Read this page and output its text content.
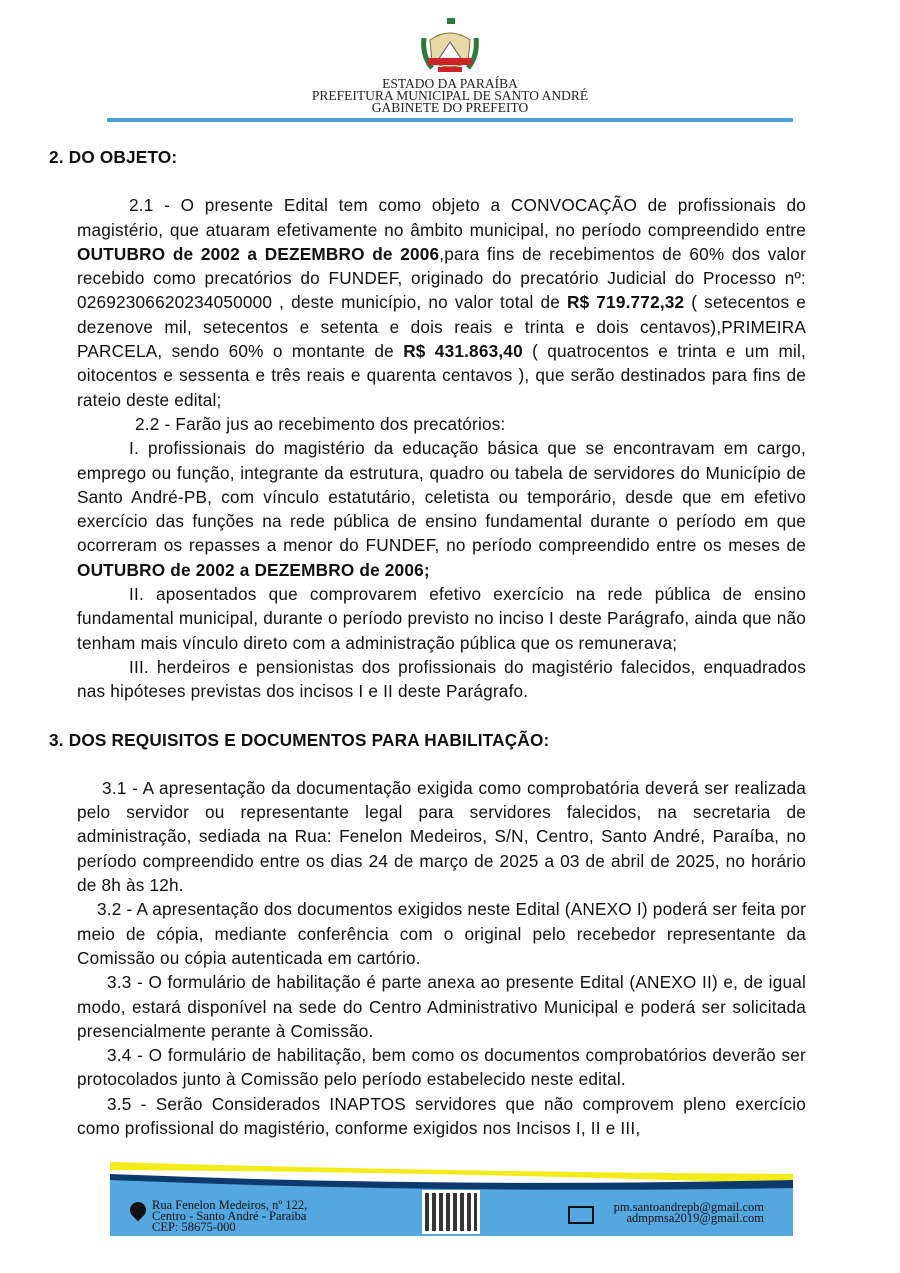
ESTADO DA PARAÍBA
PREFEITURA MUNICIPAL DE SANTO ANDRÉ
GABINETE DO PREFEITO
2. DO OBJETO:

2.1 - O presente Edital tem como objeto a CONVOCAÇÃO de profissionais do magistério, que atuaram efetivamente no âmbito municipal, no período compreendido entre OUTUBRO de 2002 a DEZEMBRO de 2006,para fins de recebimentos de 60% dos valor recebido como precatórios do FUNDEF, originado do precatório Judicial do Processo nº: 02692306620234050000 , deste município, no valor total de R$ 719.772,32 ( setecentos e dezenove mil, setecentos e setenta e dois reais e trinta e dois centavos),PRIMEIRA PARCELA, sendo 60% o montante de R$ 431.863,40 ( quatrocentos e trinta e um mil, oitocentos e sessenta e três reais e quarenta centavos ), que serão destinados para fins de rateio deste edital;

2.2 - Farão jus ao recebimento dos precatórios:

I. profissionais do magistério da educação básica que se encontravam em cargo, emprego ou função, integrante da estrutura, quadro ou tabela de servidores do Município de Santo André-PB, com vínculo estatutário, celetista ou temporário, desde que em efetivo exercício das funções na rede pública de ensino fundamental durante o período em que ocorreram os repasses a menor do FUNDEF, no período compreendido entre os meses de OUTUBRO de 2002 a DEZEMBRO de 2006;

II. aposentados que comprovarem efetivo exercício na rede pública de ensino fundamental municipal, durante o período previsto no inciso I deste Parágrafo, ainda que não tenham mais vínculo direto com a administração pública que os remunerava;

III. herdeiros e pensionistas dos profissionais do magistério falecidos, enquadrados nas hipóteses previstas dos incisos I e II deste Parágrafo.

3. DOS REQUISITOS E DOCUMENTOS PARA HABILITAÇÃO:

3.1 - A apresentação da documentação exigida como comprobatória deverá ser realizada pelo servidor ou representante legal para servidores falecidos, na secretaria de administração, sediada na Rua: Fenelon Medeiros, S/N, Centro, Santo André, Paraíba, no período compreendido entre os dias 24 de março de 2025 a 03 de abril de 2025, no horário de 8h às 12h.

3.2 - A apresentação dos documentos exigidos neste Edital (ANEXO I) poderá ser feita por meio de cópia, mediante conferência com o original pelo recebedor representante da Comissão ou cópia autenticada em cartório.

3.3 - O formulário de habilitação é parte anexa ao presente Edital (ANEXO II) e, de igual modo, estará disponível na sede do Centro Administrativo Municipal e poderá ser solicitada presencialmente perante à Comissão.

3.4 - O formulário de habilitação, bem como os documentos comprobatórios deverão ser protocolados junto à Comissão pelo período estabelecido neste edital.

3.5 - Serão Considerados INAPTOS servidores que não comprovem pleno exercício como profissional do magistério, conforme exigidos nos Incisos I, II e III,

Rua Fenelon Medeiros, nº 122,
Centro - Santo André - Paraiba
CEP: 58675-000
pm.santoandrepb@gmail.com
admpmsa2019@gmail.com
